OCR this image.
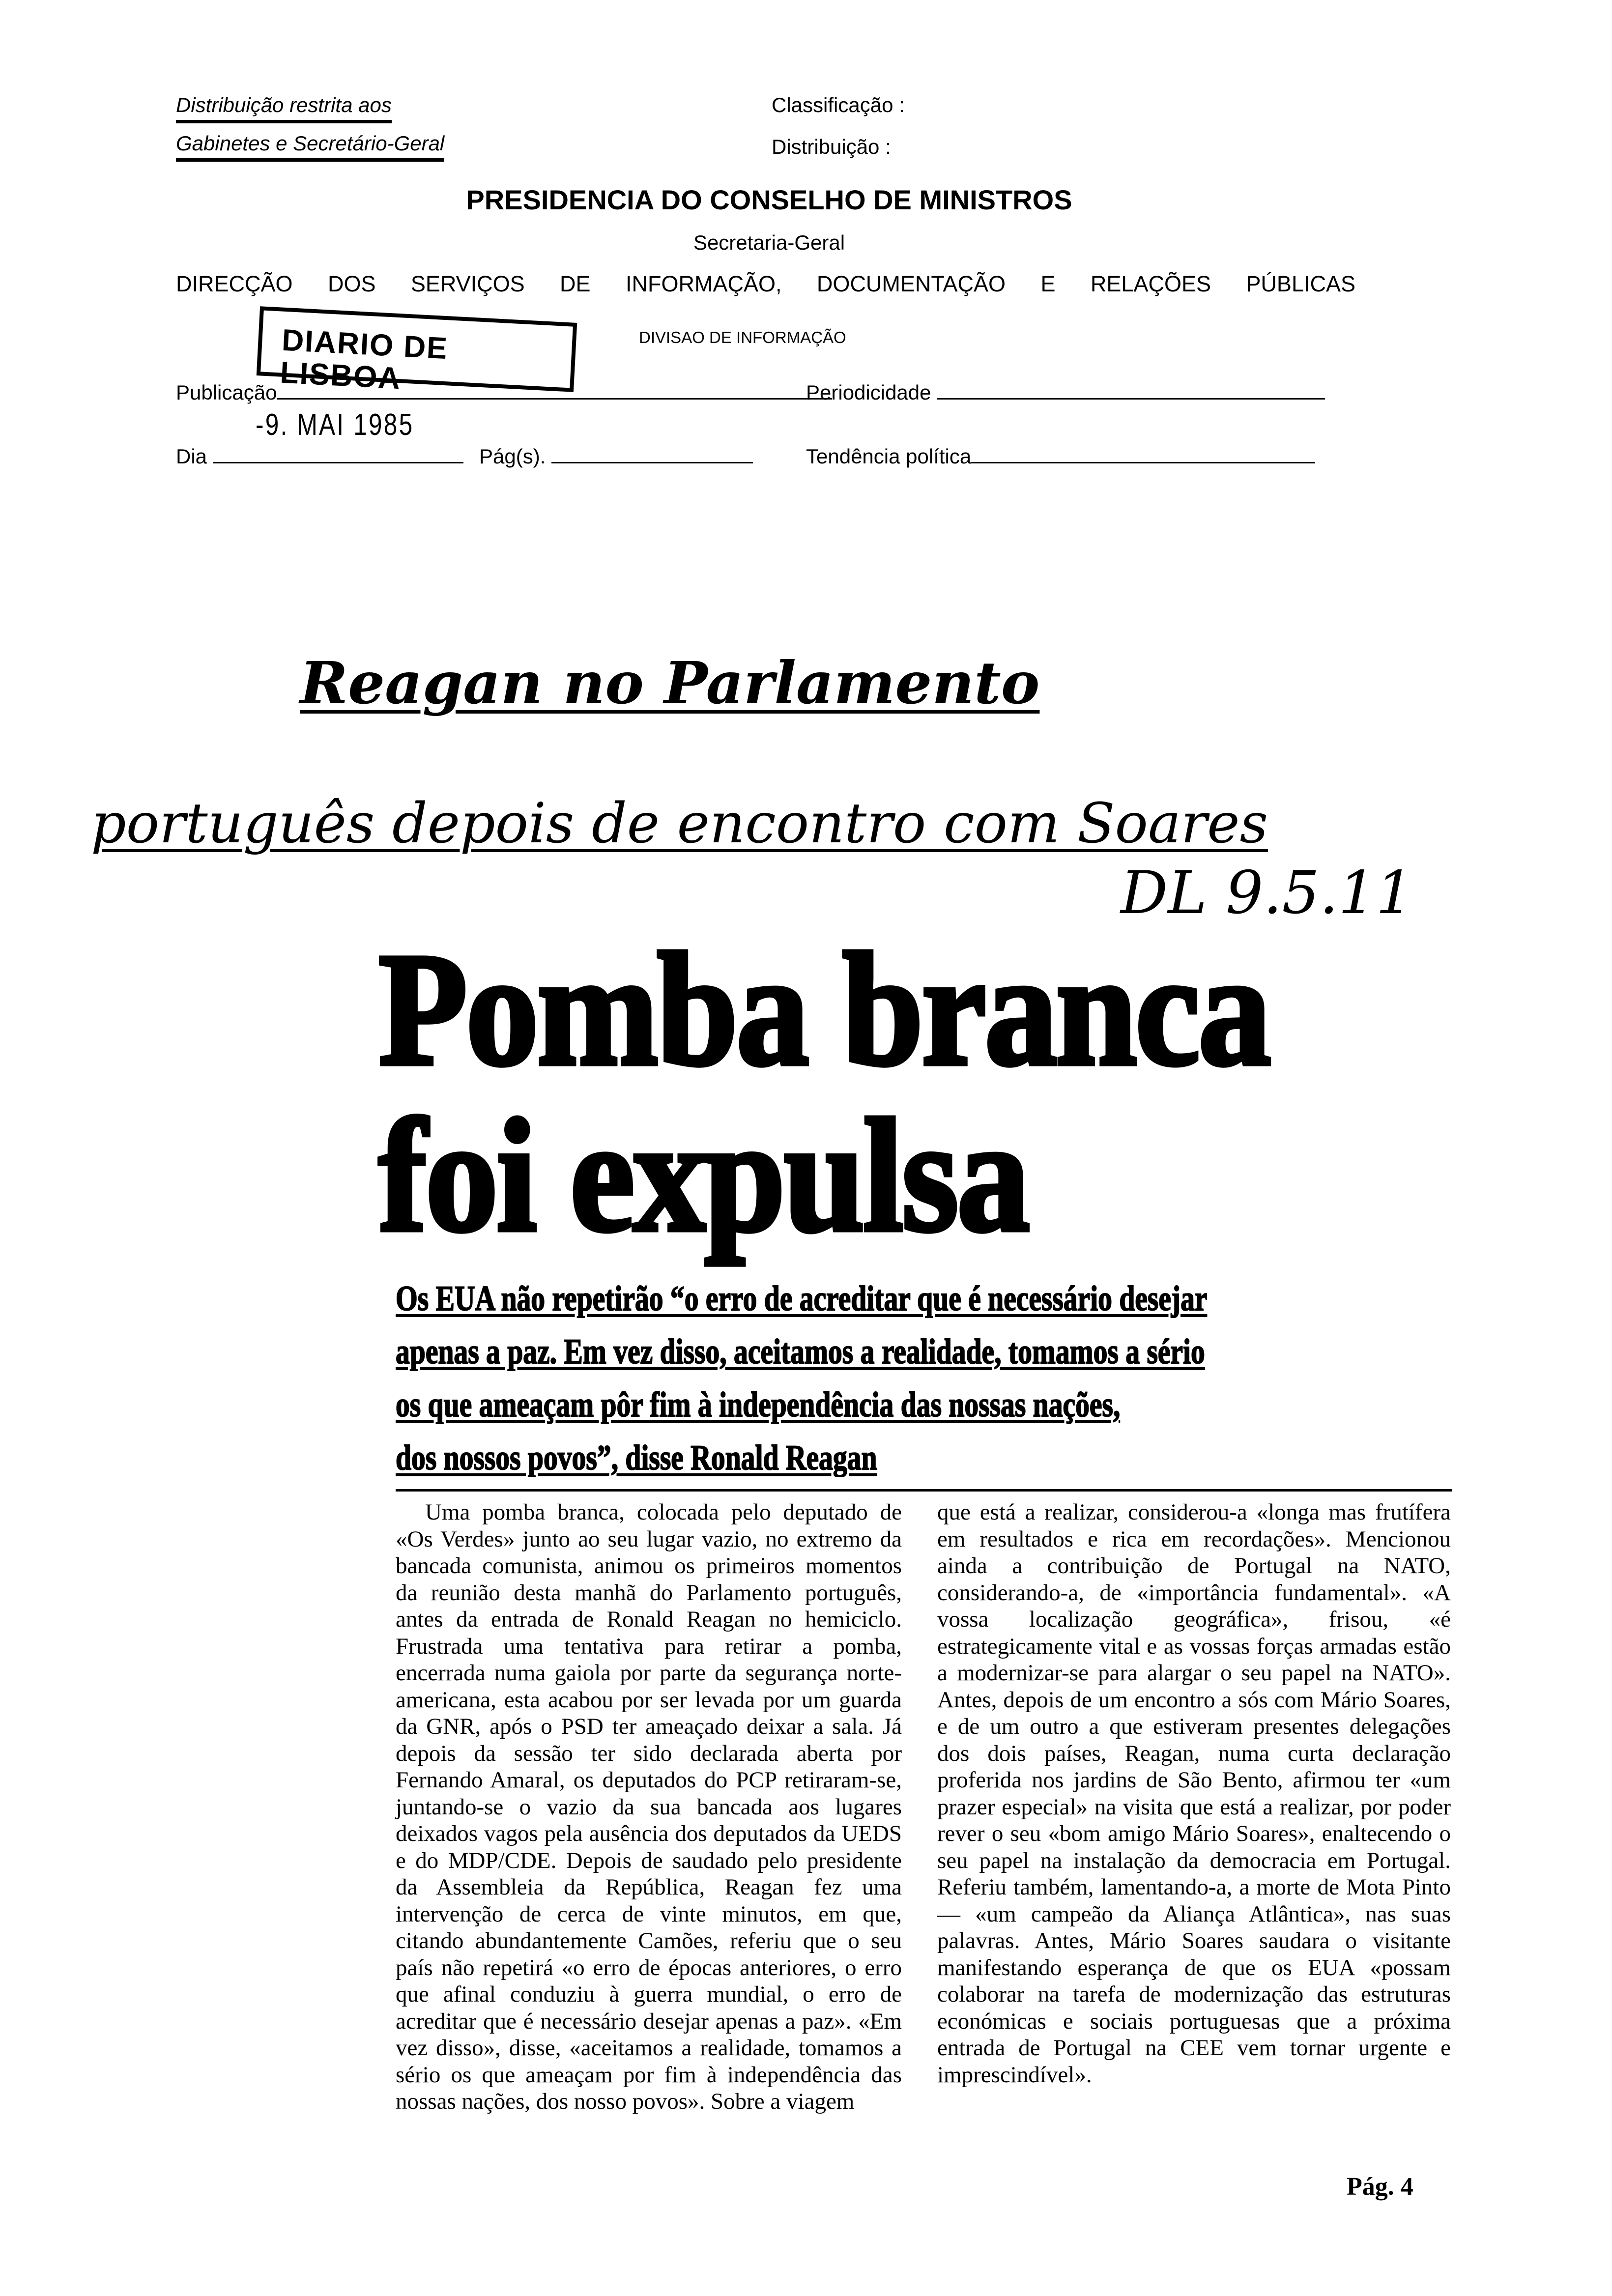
Distribuição restrita aos
Gabinetes e Secretário-Geral
Classificação :
Distribuição :
PRESIDENCIA DO CONSELHO DE MINISTROS
Secretaria-Geral
DIRECÇÃO DOS SERVIÇOS DE INFORMAÇÃO, DOCUMENTAÇÃO E RELAÇÕES PÚBLICAS
DIARIO DE LISBOA
DIVISAO DE INFORMAÇÃO
Publicação	Periodicidade
-9. MAI 1985
Dia	Pág(s).	Tendência política
Reagan no Parlamento
português depois de encontro com Soares
DL 9.5.11
Pomba branca
foi expulsa
Os EUA não repetirão “o erro de acreditar que é necessário desejar
apenas a paz. Em vez disso, aceitamos a realidade, tomamos a sério
os que ameaçam pôr fim à independência das nossas nações,
dos nossos povos”, disse Ronald Reagan

Uma pomba branca, colocada pelo deputado de «Os Verdes» junto ao seu lugar vazio, no extremo da bancada comunista, animou os primeiros momentos da reunião desta manhã do Parlamento português, antes da entrada de Ronald Reagan no hemiciclo. Frustrada uma tentativa para retirar a pomba, encerrada numa gaiola por parte da segurança norte-americana, esta acabou por ser levada por um guarda da GNR, após o PSD ter ameaçado deixar a sala. Já depois da sessão ter sido declarada aberta por Fernando Amaral, os deputados do PCP retiraram-se, juntando-se o vazio da sua bancada aos lugares deixados vagos pela ausência dos deputados da UEDS e do MDP/CDE. Depois de saudado pelo presidente da Assembleia da República, Reagan fez uma intervenção de cerca de vinte minutos, em que, citando abundantemente Camões, referiu que o seu país não repetirá «o erro de épocas anteriores, o erro que afinal conduziu à guerra mundial, o erro de acreditar que é necessário desejar apenas a paz». «Em vez disso», disse, «aceitamos a realidade, tomamos a sério os que ameaçam por fim à independência das nossas nações, dos nosso povos». Sobre a viagem

que está a realizar, considerou-a «longa mas frutífera em resultados e rica em recordações». Mencionou ainda a contribuição de Portugal na NATO, considerando-a, de «importância fundamental». «A vossa localização geográfica», frisou, «é estrategicamente vital e as vossas forças armadas estão a modernizar-se para alargar o seu papel na NATO». Antes, depois de um encontro a sós com Mário Soares, e de um outro a que estiveram presentes delegações dos dois países, Reagan, numa curta declaração proferida nos jardins de São Bento, afirmou ter «um prazer especial» na visita que está a realizar, por poder rever o seu «bom amigo Mário Soares», enaltecendo o seu papel na instalação da democracia em Portugal. Referiu também, lamentando-a, a morte de Mota Pinto — «um campeão da Aliança Atlântica», nas suas palavras. Antes, Mário Soares saudara o visitante manifestando esperança de que os EUA «possam colaborar na tarefa de modernização das estruturas económicas e sociais portuguesas que a próxima entrada de Portugal na CEE vem tornar urgente e imprescindível».

Pág. 4
